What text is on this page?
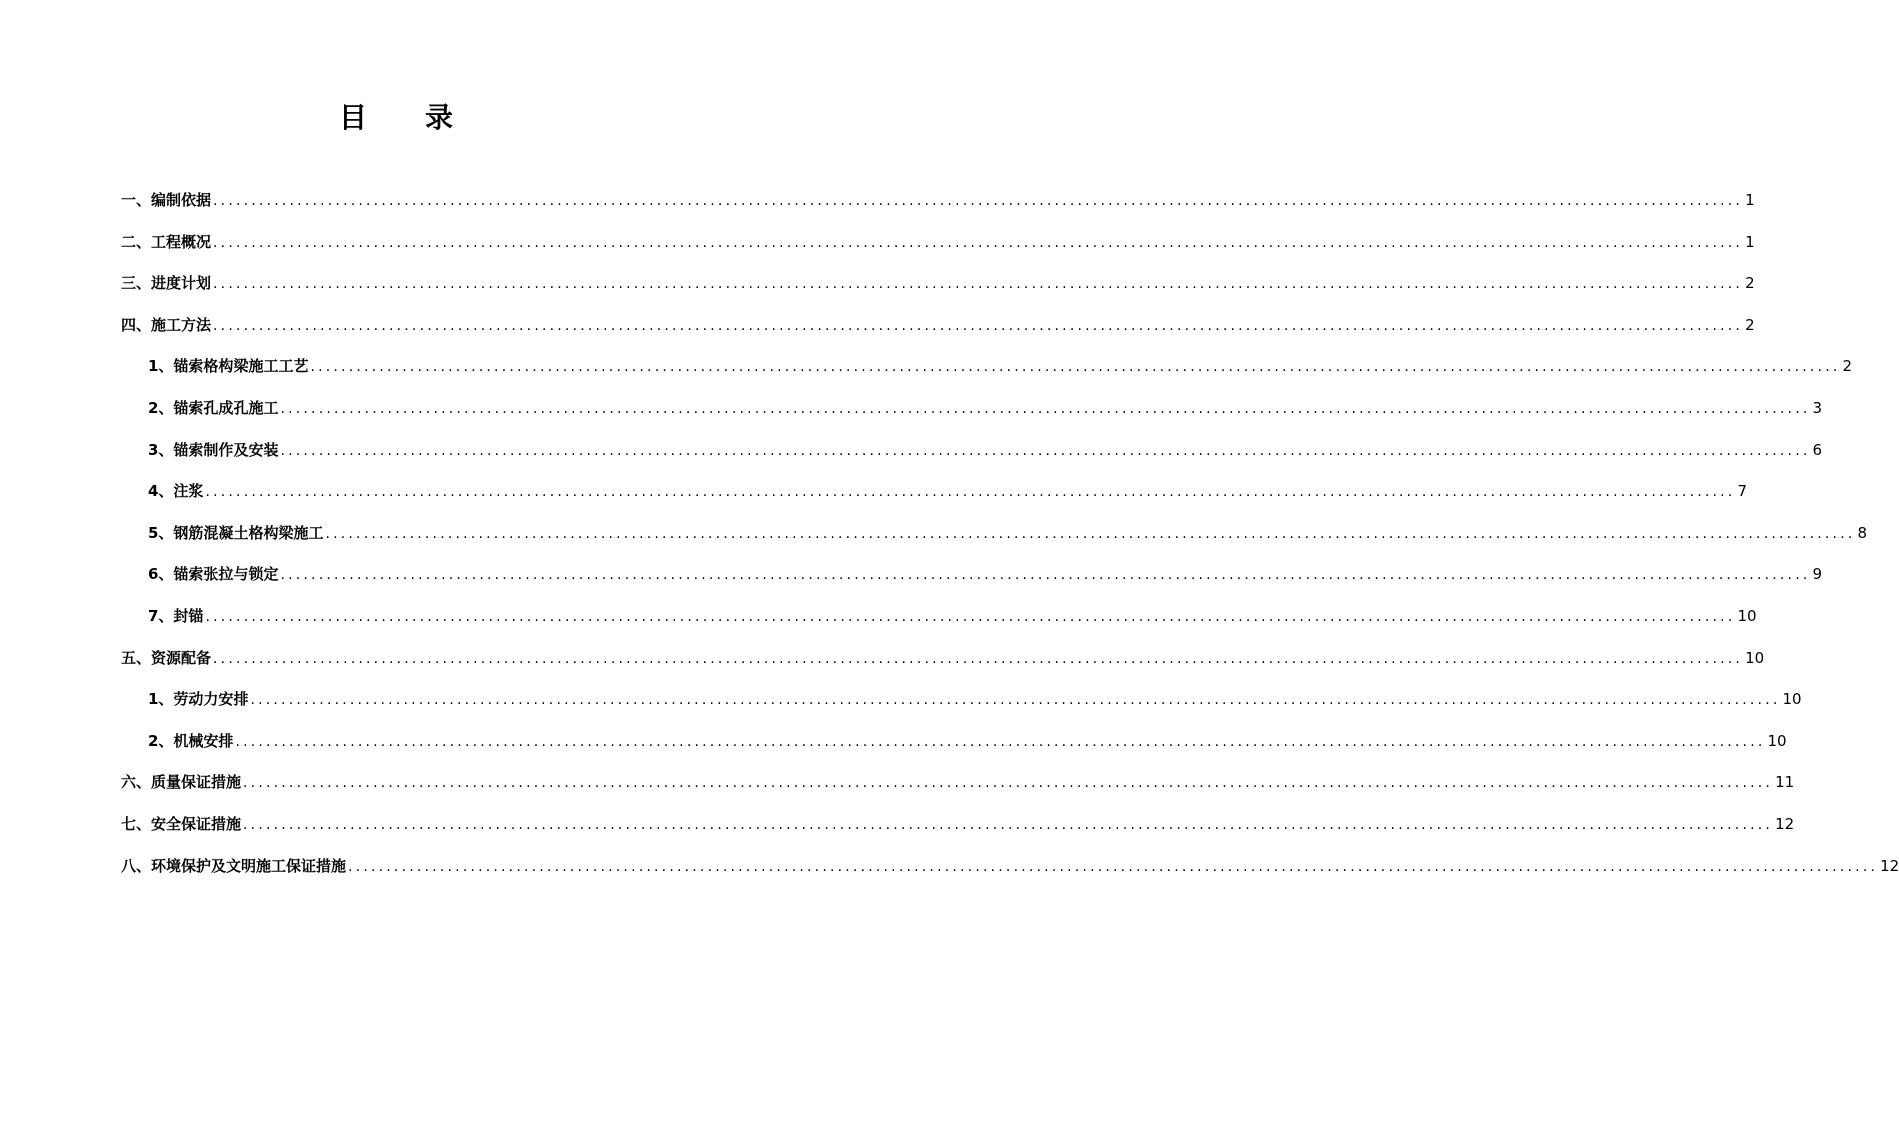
目 录
一、编制依据 ........................................................................................................................................................................................................ 1
二、工程概况 ........................................................................................................................................................................................................ 1
三、进度计划 ........................................................................................................................................................................................................ 2
四、施工方法 ........................................................................................................................................................................................................ 2
1、锚索格构梁施工工艺 ........................................................................................................................................................................................................ 2
2、锚索孔成孔施工 ........................................................................................................................................................................................................ 3
3、锚索制作及安装 ........................................................................................................................................................................................................ 6
4、注浆 ........................................................................................................................................................................................................ 7
5、钢筋混凝土格构梁施工 ........................................................................................................................................................................................................ 8
6、锚索张拉与锁定 ........................................................................................................................................................................................................ 9
7、封锚 ........................................................................................................................................................................................................ 10
五、资源配备 ........................................................................................................................................................................................................ 10
1、劳动力安排 ........................................................................................................................................................................................................ 10
2、机械安排 ........................................................................................................................................................................................................ 10
六、质量保证措施 ........................................................................................................................................................................................................ 11
七、安全保证措施 ........................................................................................................................................................................................................ 12
八、环境保护及文明施工保证措施 ........................................................................................................................................................................................................ 12
